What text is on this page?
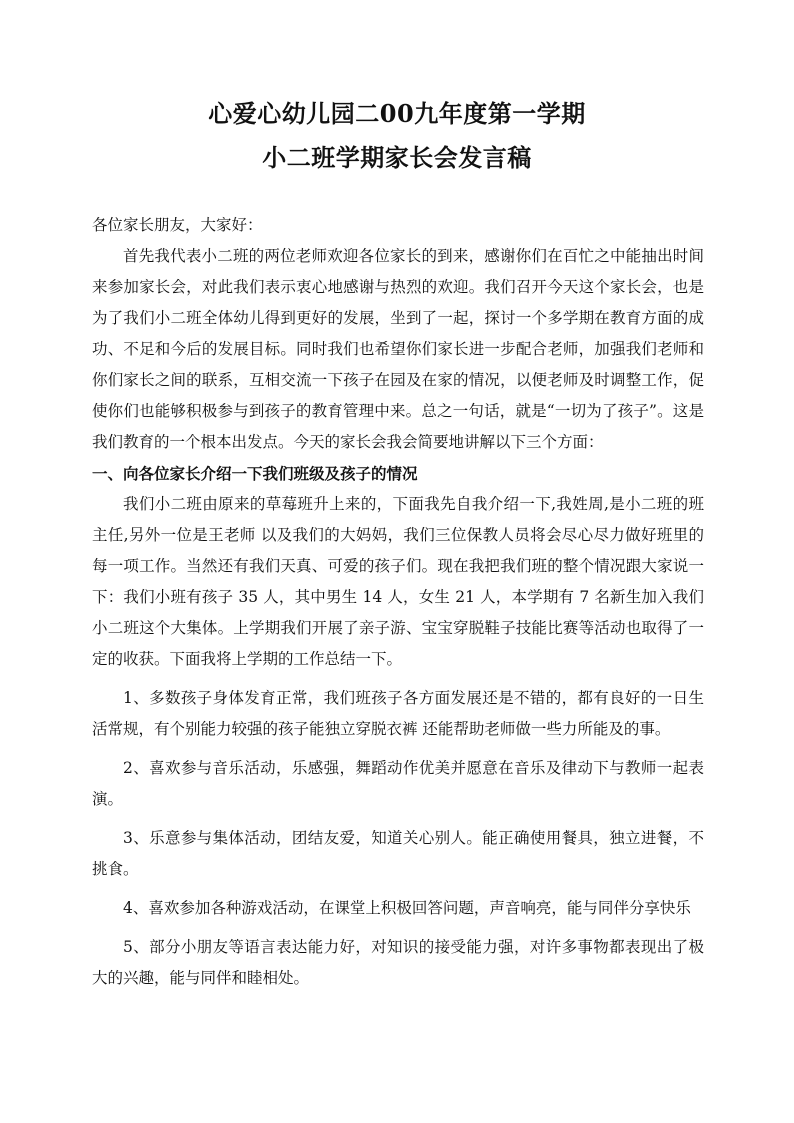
心爱心幼儿园二00九年度第一学期
小二班学期家长会发言稿

各位家长朋友，大家好：

首先我代表小二班的两位老师欢迎各位家长的到来，感谢你们在百忙之中能抽出时间来参加家长会，对此我们表示衷心地感谢与热烈的欢迎。我们召开今天这个家长会，也是为了我们小二班全体幼儿得到更好的发展，坐到了一起，探讨一个多学期在教育方面的成功、不足和今后的发展目标。同时我们也希望你们家长进一步配合老师，加强我们老师和你们家长之间的联系，互相交流一下孩子在园及在家的情况，以便老师及时调整工作，促使你们也能够积极参与到孩子的教育管理中来。总之一句话，就是“一切为了孩子”。这是我们教育的一个根本出发点。今天的家长会我会简要地讲解以下三个方面：

一、向各位家长介绍一下我们班级及孩子的情况

我们小二班由原来的草莓班升上来的，下面我先自我介绍一下,我姓周,是小二班的班主任,另外一位是王老师 以及我们的大妈妈，我们三位保教人员将会尽心尽力做好班里的每一项工作。当然还有我们天真、可爱的孩子们。现在我把我们班的整个情况跟大家说一下：我们小班有孩子 35 人，其中男生 14 人，女生 21 人，本学期有 7 名新生加入我们小二班这个大集体。上学期我们开展了亲子游、宝宝穿脱鞋子技能比赛等活动也取得了一定的收获。下面我将上学期的工作总结一下。

1、多数孩子身体发育正常，我们班孩子各方面发展还是不错的，都有良好的一日生活常规，有个别能力较强的孩子能独立穿脱衣裤 还能帮助老师做一些力所能及的事。

2、喜欢参与音乐活动，乐感强，舞蹈动作优美并愿意在音乐及律动下与教师一起表演。

3、乐意参与集体活动，团结友爱，知道关心别人。能正确使用餐具，独立进餐，不挑食。

4、喜欢参加各种游戏活动，在课堂上积极回答问题，声音响亮，能与同伴分享快乐

5、部分小朋友等语言表达能力好，对知识的接受能力强，对许多事物都表现出了极大的兴趣，能与同伴和睦相处。
